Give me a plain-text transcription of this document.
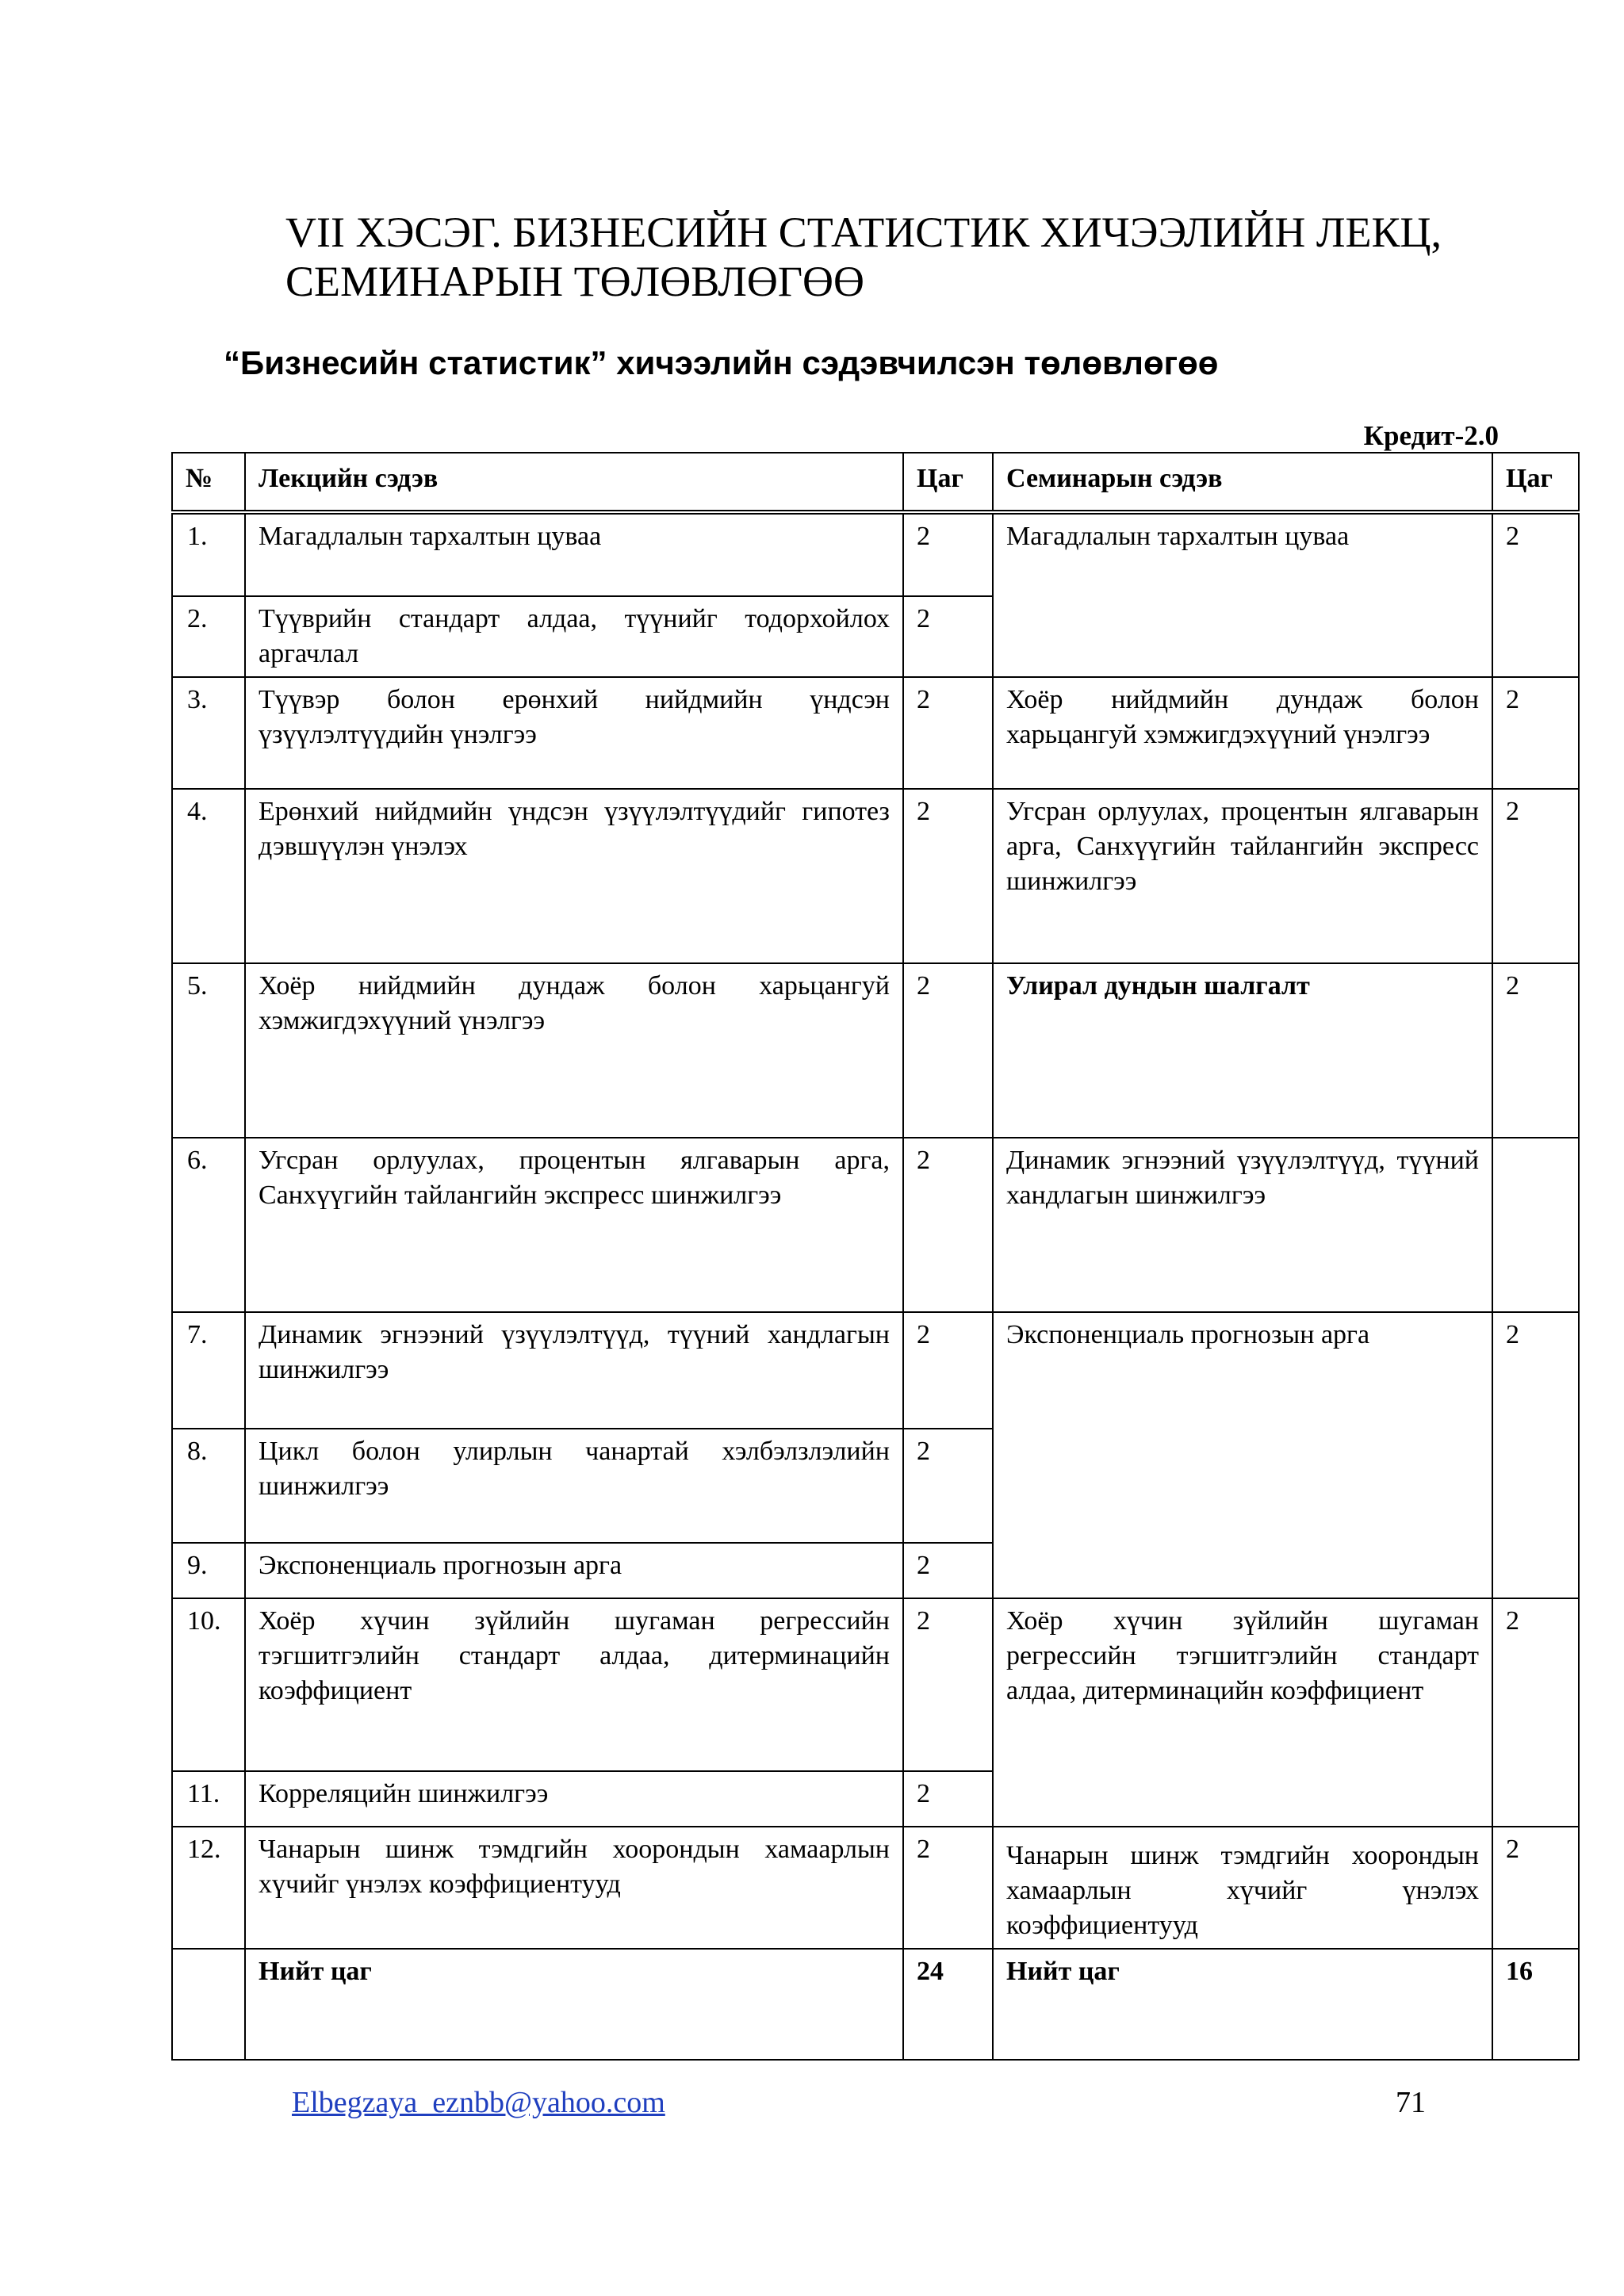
VII ХЭСЭГ. БИЗНЕСИЙН СТАТИСТИК ХИЧЭЭЛИЙН ЛЕКЦ, СЕМИНАРЫН ТӨЛӨВЛӨГӨӨ
“Бизнесийн статистик” хичээлийн сэдэвчилсэн төлөвлөгөө
Кредит-2.0
№	Лекцийн сэдэв	Цаг	Семинарын сэдэв	Цаг
1.	Магадлалын тархалтын цуваа	2	Магадлалын тархалтын цуваа	2
2.	Түүврийн стандарт алдаа, түүнийг тодорхойлох аргачлал	2		
3.	Түүвэр болон ерөнхий нийдмийн үндсэн үзүүлэлтүүдийн үнэлгээ	2	Хоёр нийдмийн дундаж болон харьцангуй хэмжигдэхүүний үнэлгээ	2
4.	Ерөнхий нийдмийн үндсэн үзүүлэлтүүдийг гипотез дэвшүүлэн үнэлэх	2	Угсран орлуулах, процентын ялгаварын арга, Санхүүгийн тайлангийн экспресс шинжилгээ	2
5.	Хоёр нийдмийн дундаж болон харьцангуй хэмжигдэхүүний үнэлгээ	2	Улирал дундын шалгалт	2
6.	Угсран орлуулах, процентын ялгаварын арга, Санхүүгийн тайлангийн экспресс шинжилгээ	2	Динамик эгнээний үзүүлэлтүүд, түүний хандлагын шинжилгээ	
7.	Динамик эгнээний үзүүлэлтүүд, түүний хандлагын шинжилгээ	2	Экспоненциаль прогнозын арга	2
8.	Цикл болон улирлын чанартай хэлбэлзлэлийн шинжилгээ	2		
9.	Экспоненциаль прогнозын арга	2		
10.	Хоёр хүчин зүйлийн шугаман регрессийн тэгшитгэлийн стандарт алдаа, дитерминацийн коэффициент	2	Хоёр хүчин зүйлийн шугаман регрессийн тэгшитгэлийн стандарт алдаа, дитерминацийн коэффициент	2
11.	Корреляцийн шинжилгээ	2		
12.	Чанарын шинж тэмдгийн хоорондын хамаарлын хүчийг үнэлэх коэффициентууд	2	Чанарын шинж тэмдгийн хоорондын хамаарлын хүчийг үнэлэх коэффициентууд	2
	Нийт цаг	24	Нийт цаг	16
Elbegzaya_eznbb@yahoo.com	71
